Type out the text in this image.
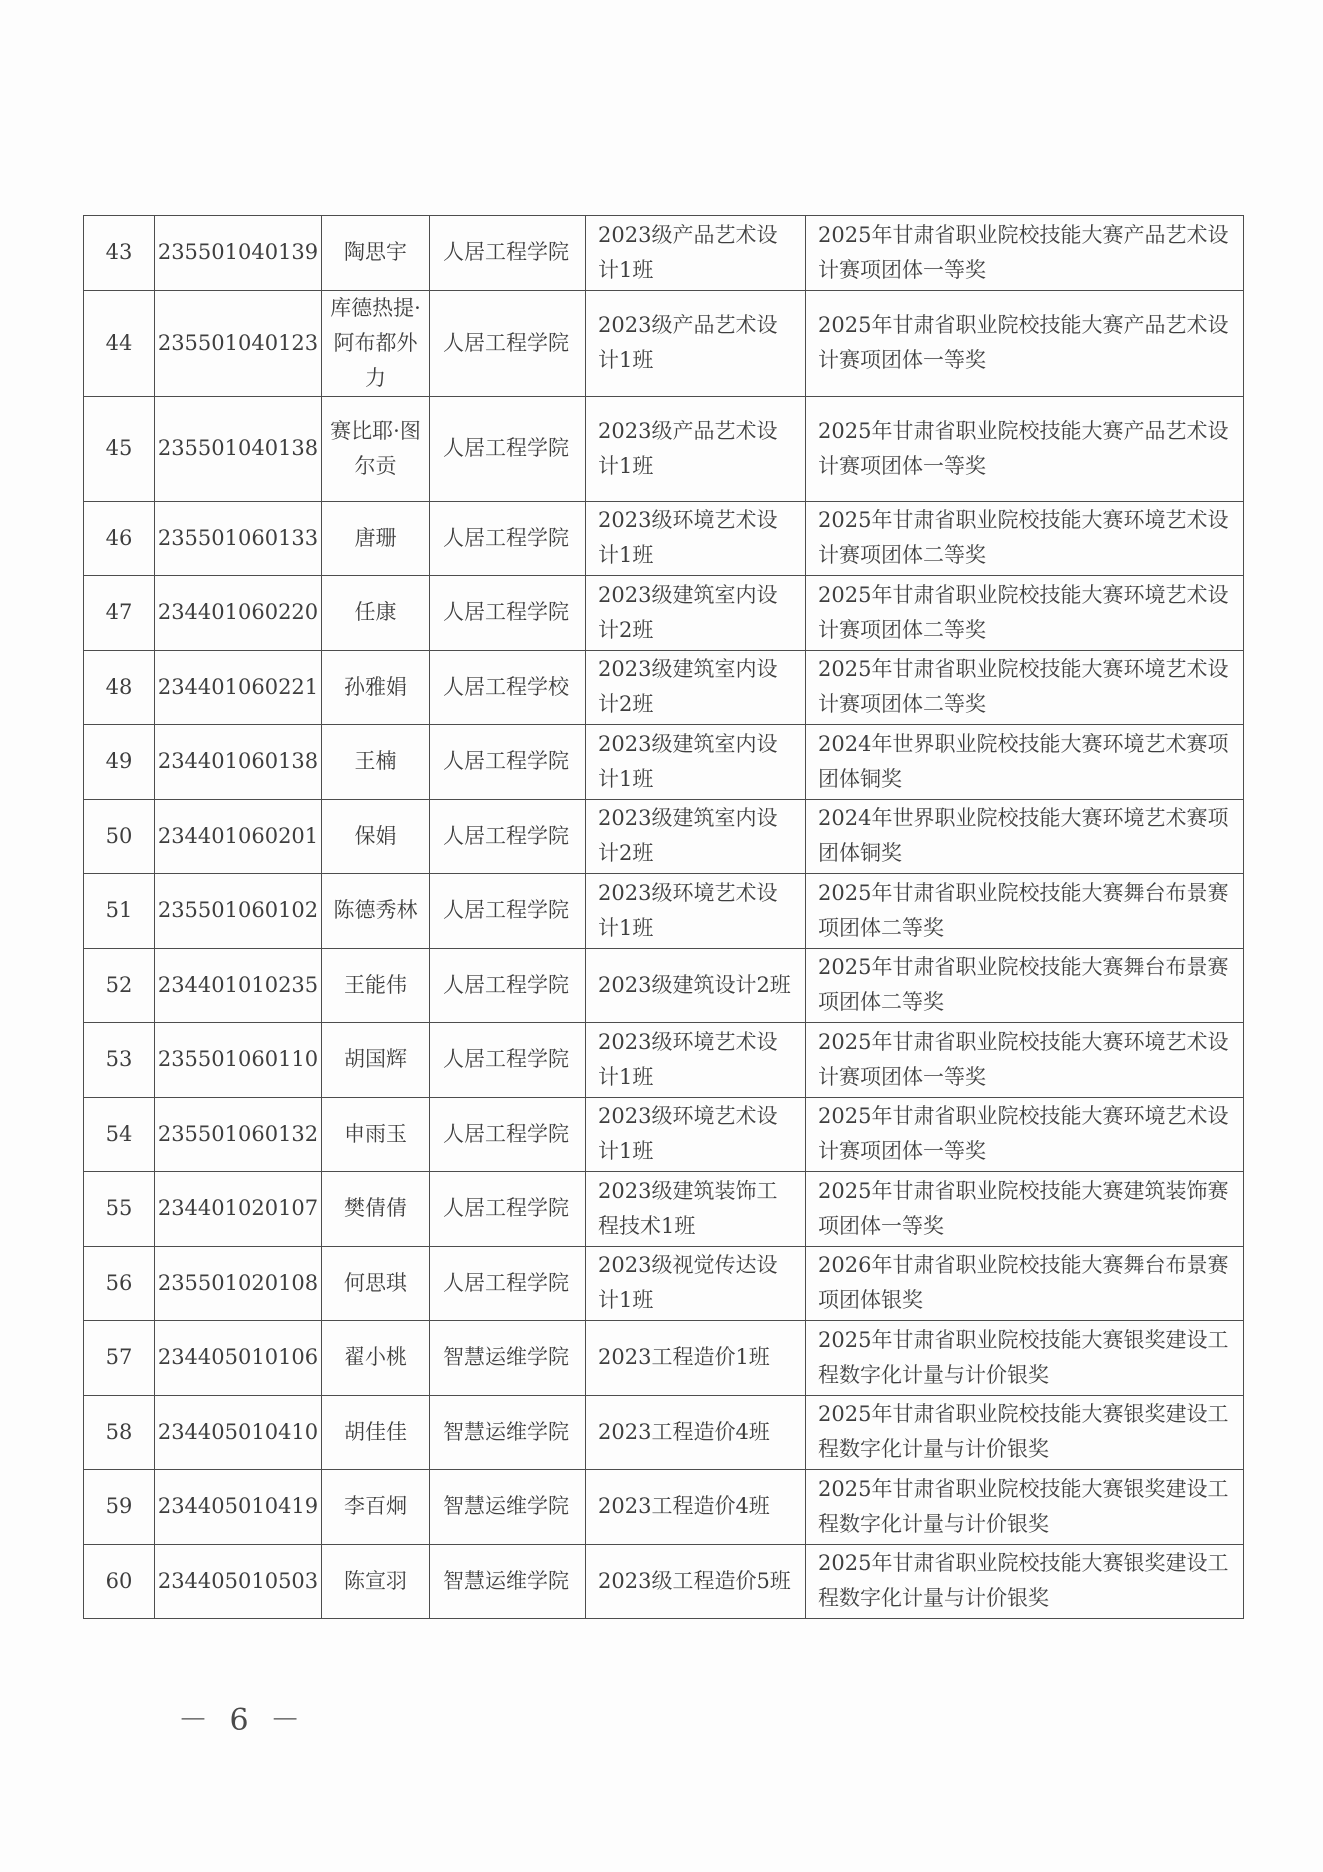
43	235501040139	陶思宇	人居工程学院	2023级产品艺术设计1班	2025年甘肃省职业院校技能大赛产品艺术设计赛项团体一等奖
44	235501040123	库德热提·阿布都外力	人居工程学院	2023级产品艺术设计1班	2025年甘肃省职业院校技能大赛产品艺术设计赛项团体一等奖
45	235501040138	赛比耶·图尔贡	人居工程学院	2023级产品艺术设计1班	2025年甘肃省职业院校技能大赛产品艺术设计赛项团体一等奖
46	235501060133	唐珊	人居工程学院	2023级环境艺术设计1班	2025年甘肃省职业院校技能大赛环境艺术设计赛项团体二等奖
47	234401060220	任康	人居工程学院	2023级建筑室内设计2班	2025年甘肃省职业院校技能大赛环境艺术设计赛项团体二等奖
48	234401060221	孙雅娟	人居工程学校	2023级建筑室内设计2班	2025年甘肃省职业院校技能大赛环境艺术设计赛项团体二等奖
49	234401060138	王楠	人居工程学院	2023级建筑室内设计1班	2024年世界职业院校技能大赛环境艺术赛项团体铜奖
50	234401060201	保娟	人居工程学院	2023级建筑室内设计2班	2024年世界职业院校技能大赛环境艺术赛项团体铜奖
51	235501060102	陈德秀林	人居工程学院	2023级环境艺术设计1班	2025年甘肃省职业院校技能大赛舞台布景赛项团体二等奖
52	234401010235	王能伟	人居工程学院	2023级建筑设计2班	2025年甘肃省职业院校技能大赛舞台布景赛项团体二等奖
53	235501060110	胡国辉	人居工程学院	2023级环境艺术设计1班	2025年甘肃省职业院校技能大赛环境艺术设计赛项团体一等奖
54	235501060132	申雨玉	人居工程学院	2023级环境艺术设计1班	2025年甘肃省职业院校技能大赛环境艺术设计赛项团体一等奖
55	234401020107	樊倩倩	人居工程学院	2023级建筑装饰工程技术1班	2025年甘肃省职业院校技能大赛建筑装饰赛项团体一等奖
56	235501020108	何思琪	人居工程学院	2023级视觉传达设计1班	2026年甘肃省职业院校技能大赛舞台布景赛项团体银奖
57	234405010106	翟小桃	智慧运维学院	2023工程造价1班	2025年甘肃省职业院校技能大赛银奖建设工程数字化计量与计价银奖
58	234405010410	胡佳佳	智慧运维学院	2023工程造价4班	2025年甘肃省职业院校技能大赛银奖建设工程数字化计量与计价银奖
59	234405010419	李百炯	智慧运维学院	2023工程造价4班	2025年甘肃省职业院校技能大赛银奖建设工程数字化计量与计价银奖
60	234405010503	陈宣羽	智慧运维学院	2023级工程造价5班	2025年甘肃省职业院校技能大赛银奖建设工程数字化计量与计价银奖
－ 6 －
